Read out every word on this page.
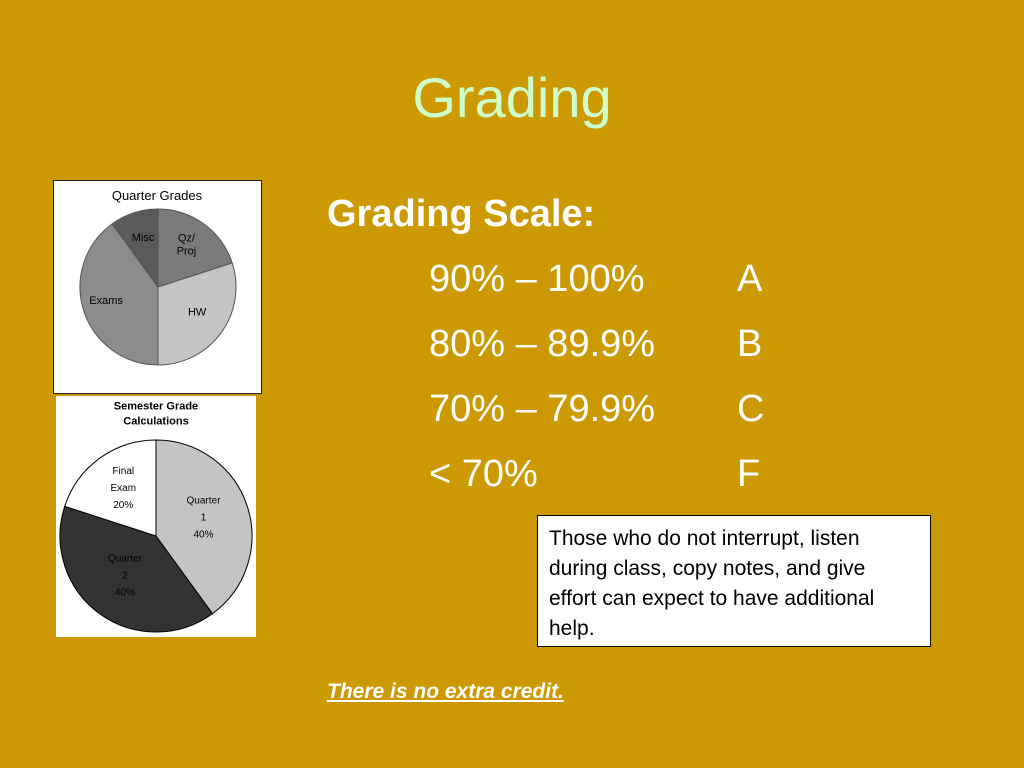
Grading
Quarter Grades
Qz/ Proj
HW
Exams
Misc
Semester Grade Calculations
Quarter 1 40%
Quarter 2 40%
Final Exam 20%
Grading Scale:
90% – 100% A
80% – 89.9% B
70% – 79.9% C
< 70%	F
Those who do not interrupt, listen during class, copy notes, and give effort can expect to have additional help.
There is no extra credit.
